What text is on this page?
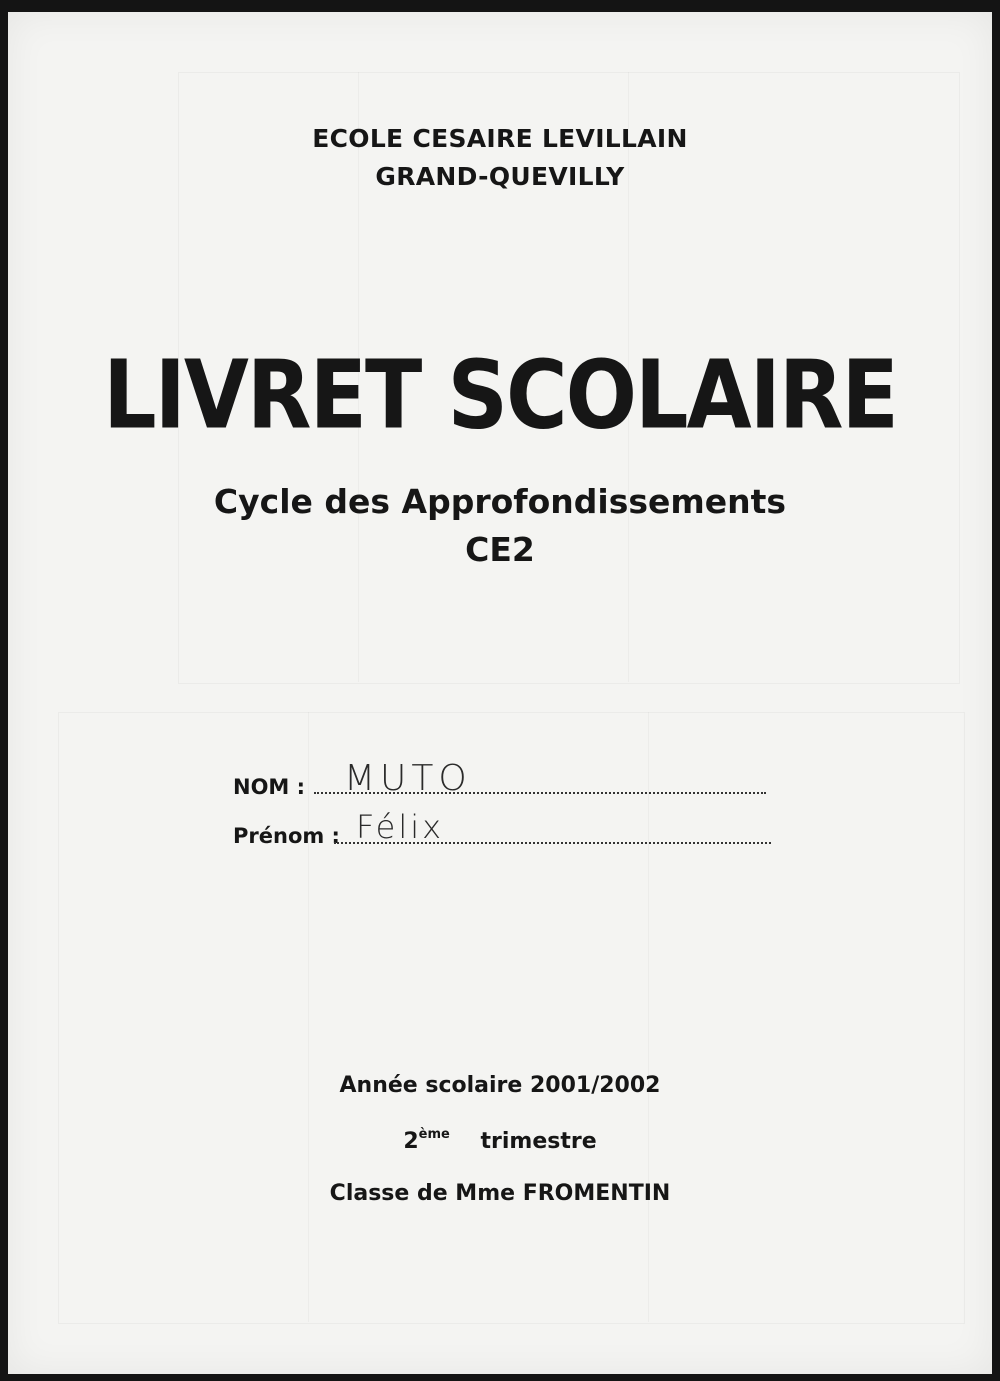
ECOLE CESAIRE LEVILLAIN
GRAND-QUEVILLY
LIVRET SCOLAIRE
Cycle des Approfondissements
CE2
NOM : MUTO
Prénom : Félix
Année scolaire 2001/2002
2ème trimestre
Classe de Mme FROMENTIN
